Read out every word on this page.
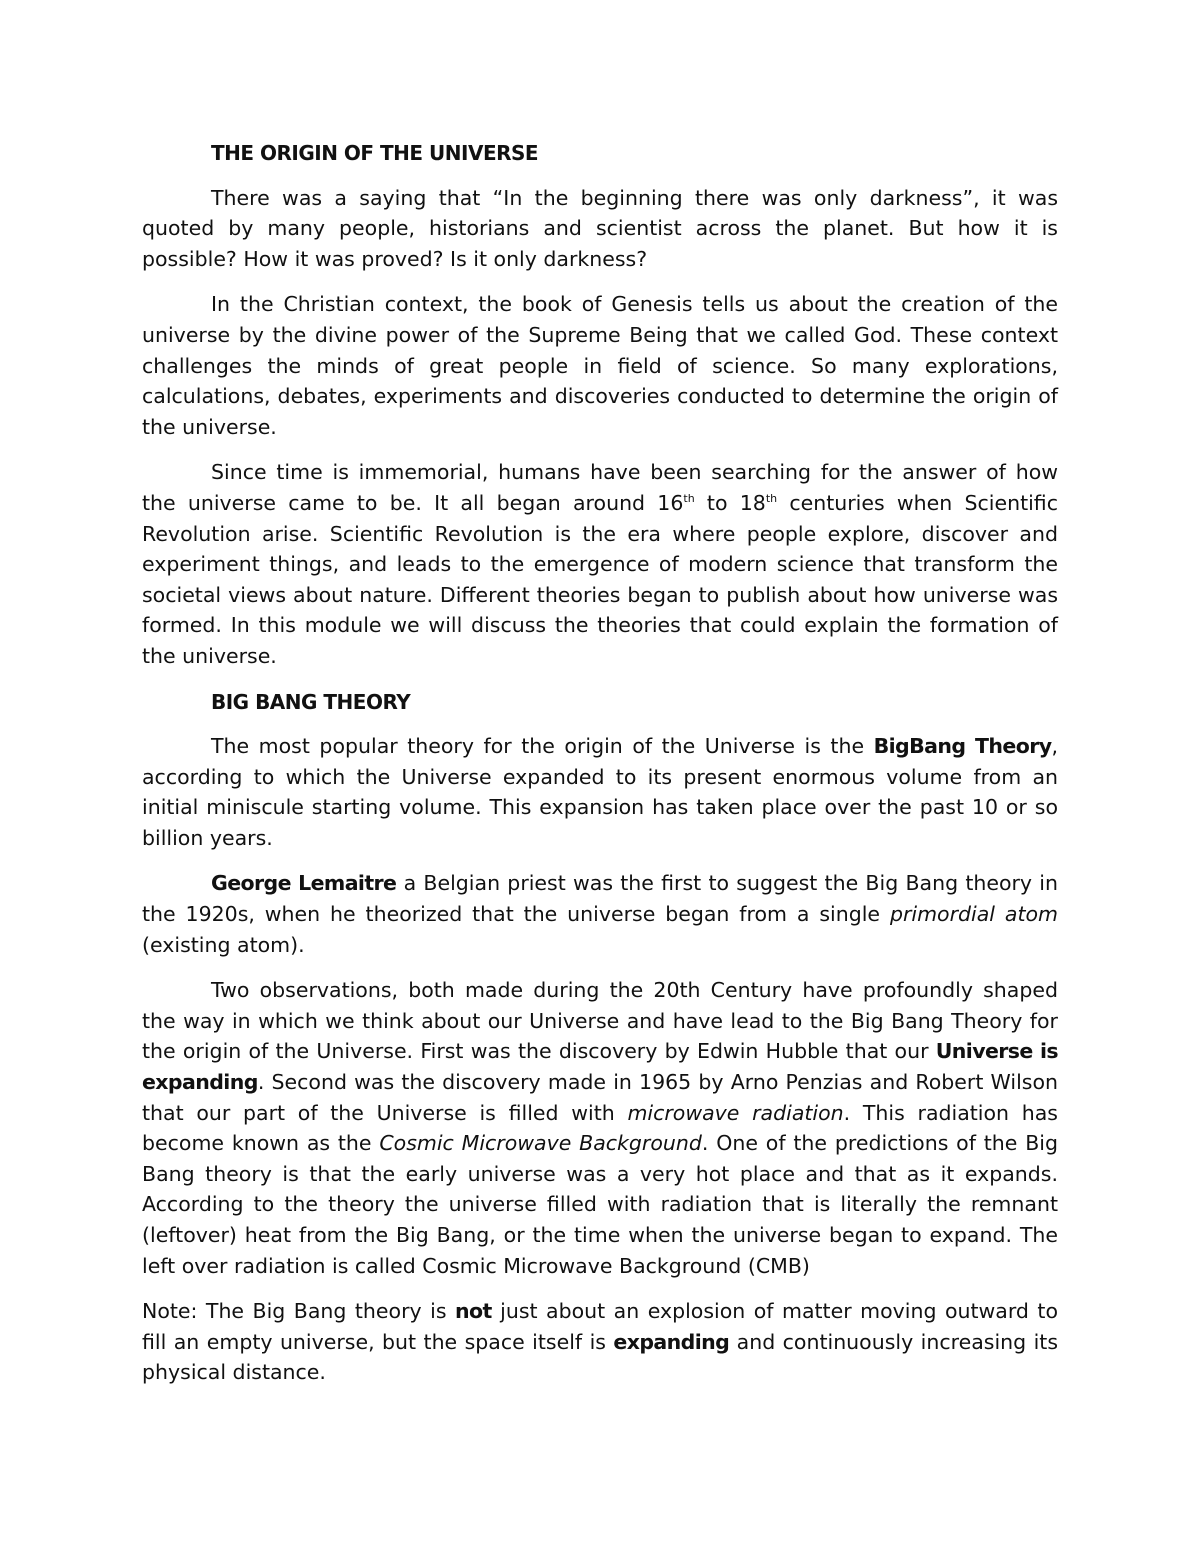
THE ORIGIN OF THE UNIVERSE

There was a saying that “In the beginning there was only darkness”, it was quoted by many people, historians and scientist across the planet. But how it is possible? How it was proved? Is it only darkness?

In the Christian context, the book of Genesis tells us about the creation of the universe by the divine power of the Supreme Being that we called God. These context challenges the minds of great people in field of science. So many explorations, calculations, debates, experiments and discoveries conducted to determine the origin of the universe.

Since time is immemorial, humans have been searching for the answer of how the universe came to be. It all began around 16th to 18th centuries when Scientific Revolution arise. Scientific Revolution is the era where people explore, discover and experiment things, and leads to the emergence of modern science that transform the societal views about nature. Different theories began to publish about how universe was formed. In this module we will discuss the theories that could explain the formation of the universe.

BIG BANG THEORY

The most popular theory for the origin of the Universe is the BigBang Theory, according to which the Universe expanded to its present enormous volume from an initial miniscule starting volume. This expansion has taken place over the past 10 or so billion years.

George Lemaitre a Belgian priest was the first to suggest the Big Bang theory in the 1920s, when he theorized that the universe began from a single primordial atom (existing atom).

Two observations, both made during the 20th Century have profoundly shaped the way in which we think about our Universe and have lead to the Big Bang Theory for the origin of the Universe. First was the discovery by Edwin Hubble that our Universe is expanding. Second was the discovery made in 1965 by Arno Penzias and Robert Wilson that our part of the Universe is filled with microwave radiation. This radiation has become known as the Cosmic Microwave Background. One of the predictions of the Big Bang theory is that the early universe was a very hot place and that as it expands. According to the theory the universe filled with radiation that is literally the remnant (leftover) heat from the Big Bang, or the time when the universe began to expand. The left over radiation is called Cosmic Microwave Background (CMB)

Note: The Big Bang theory is not just about an explosion of matter moving outward to fill an empty universe, but the space itself is expanding and continuously increasing its physical distance.
